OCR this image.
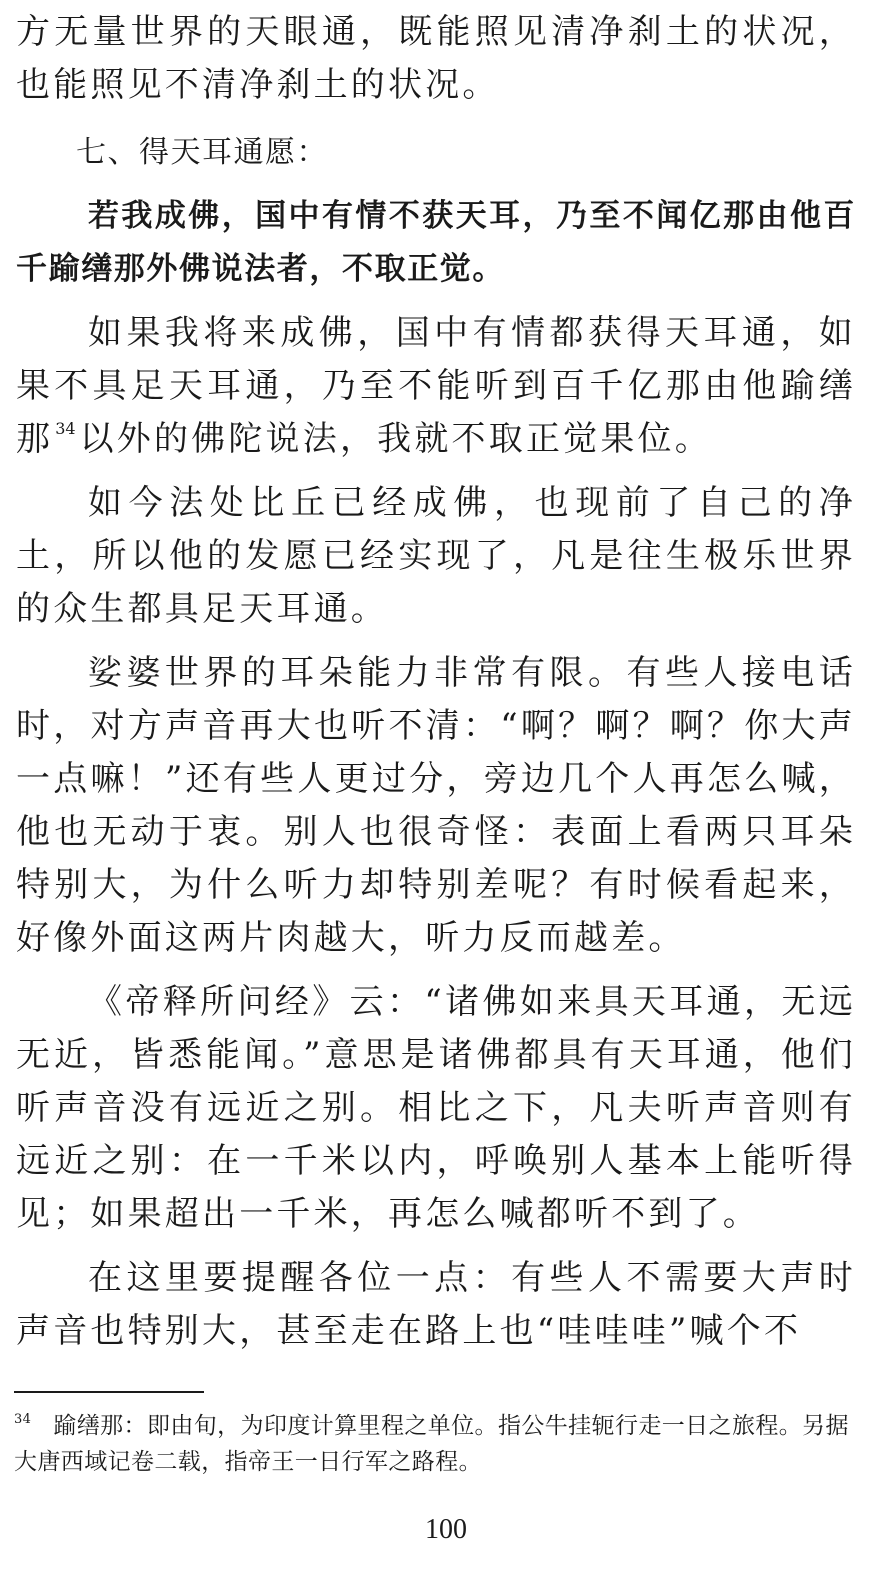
方无量世界的天眼通，既能照见清净刹土的状况，也能照见不清净刹土的状况。

七、得天耳通愿：

若我成佛，国中有情不获天耳，乃至不闻亿那由他百千踰缮那外佛说法者，不取正觉。

如果我将来成佛，国中有情都获得天耳通，如果不具足天耳通，乃至不能听到百千亿那由他踰缮那 $^{34}$ 以外的佛陀说法，我就不取正觉果位。

如今法处比丘已经成佛，也现前了自己的净土，所以他的发愿已经实现了，凡是往生极乐世界的众生都具足天耳通。

娑婆世界的耳朵能力非常有限。有些人接电话时，对方声音再大也听不清：“啊？啊？啊？你大声一点嘛！”还有些人更过分，旁边几个人再怎么喊，他也无动于衷。别人也很奇怪：表面上看两只耳朵特别大，为什么听力却特别差呢？有时候看起来，好像外面这两片肉越大，听力反而越差。

《帝释所问经》云：“诸佛如来具天耳通，无远无近，皆悉能闻。”意思是诸佛都具有天耳通，他们听声音没有远近之别。相比之下，凡夫听声音则有远近之别：在一千米以内，呼唤别人基本上能听得见；如果超出一千米，再怎么喊都听不到了。

在这里要提醒各位一点：有些人不需要大声时声音也特别大，甚至走在路上也“哇哇哇”喊个不

$^{34}$ 踰缮那：即由旬，为印度计算里程之单位。指公牛挂轭行走一日之旅程。另据大唐西域记卷二载，指帝王一日行军之路程。

100
